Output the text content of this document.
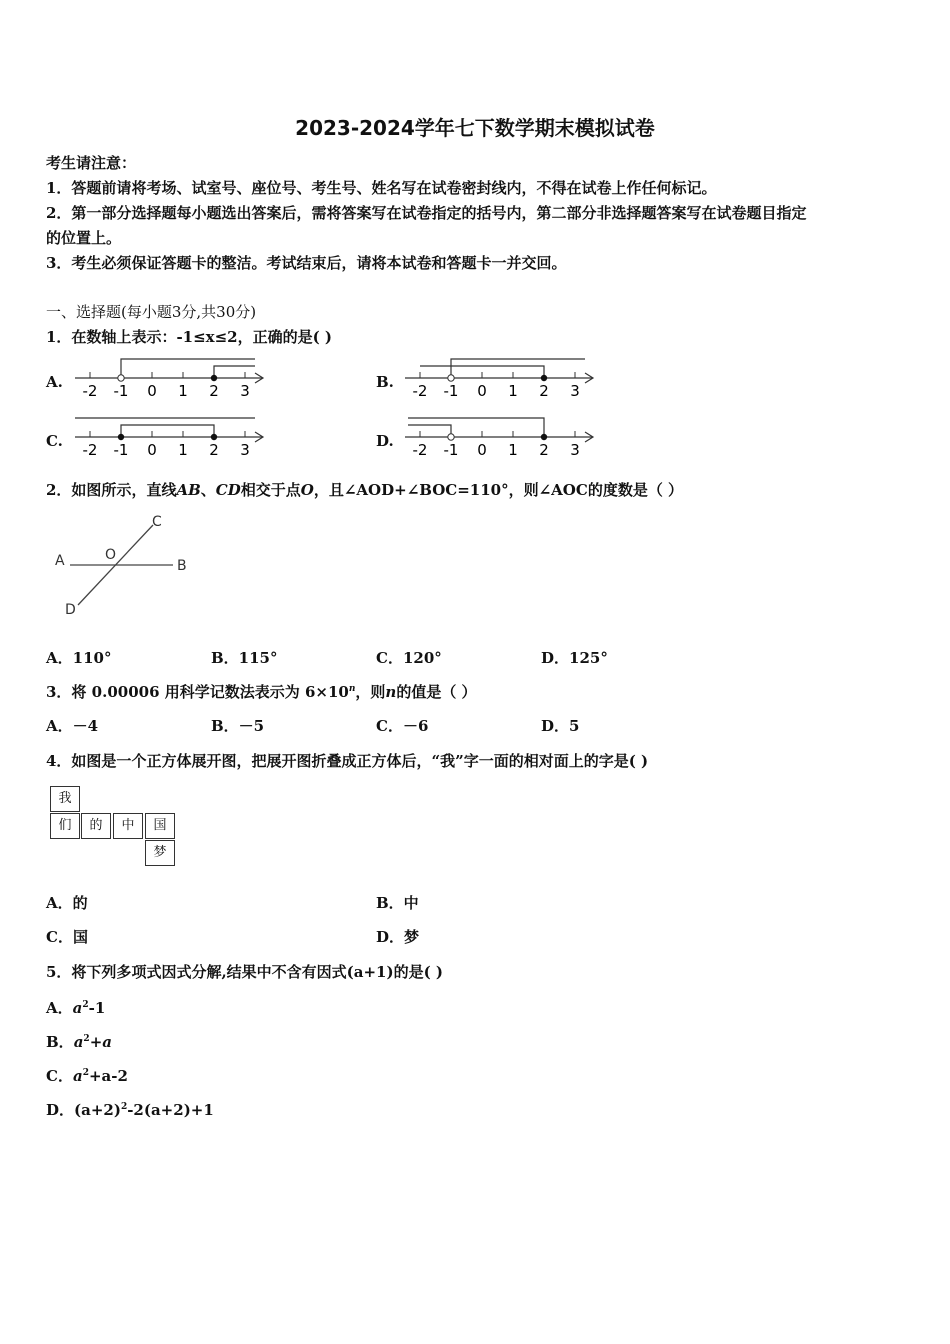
2023-2024学年七下数学期末模拟试卷
考生请注意：
1．答题前请将考场、试室号、座位号、考生号、姓名写在试卷密封线内，不得在试卷上作任何标记。
2．第一部分选择题每小题选出答案后，需将答案写在试卷指定的括号内，第二部分非选择题答案写在试卷题目指定
的位置上。
3．考生必须保证答题卡的整洁。考试结束后，请将本试卷和答题卡一并交回。
一、选择题(每小题3分,共30分)
1．在数轴上表示：-1≤x≤2，正确的是( )
A. -2 -1 0 1 2 3	B. -2 -1 0 1 2 3
C. -2 -1 0 1 2 3	D. -2 -1 0 1 2 3
2．如图所示，直线AB、CD相交于点O，且∠AOD+∠BOC=110°，则∠AOC的度数是（ ）
A	O
B
C
D
A．110°	B．115°	C．120°	D．125°
3．将 0.00006 用科学记数法表示为 $6\times 10^n$，则n的值是（ ）
A．－4	B．－5	C．－6	D．5
4．如图是一个正方体展开图，把展开图折叠成正方体后，“我”字一面的相对面上的字是( )
我
们	的	中	国
梦
A．的	B．中
C．国	D．梦
5．将下列多项式因式分解,结果中不含有因式(a+1)的是( )
A．$a^2-1$
B．$a^2+a$
C．$a^2+a-2$
D．$(a+2)^2-2(a+2)+1$
